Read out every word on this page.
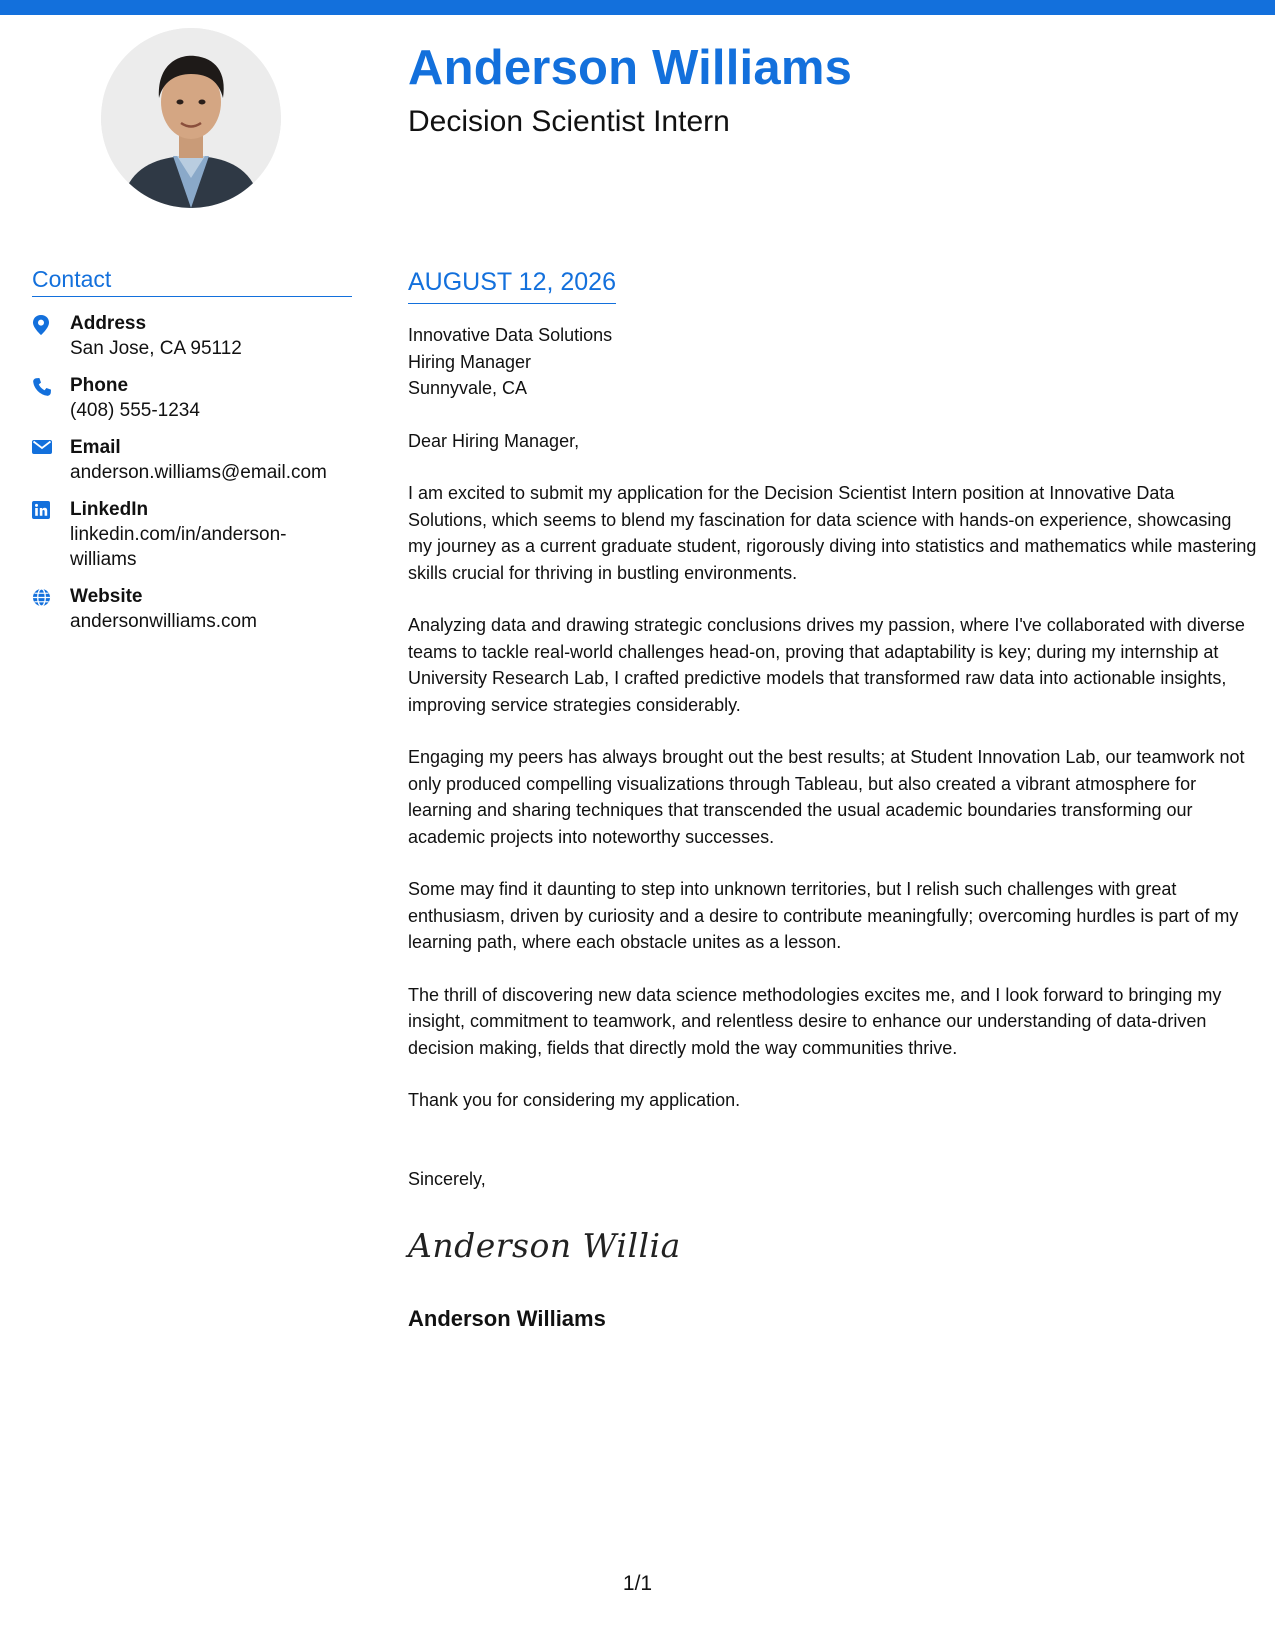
Anderson Williams
Decision Scientist Intern
Contact
Address
San Jose, CA 95112
Phone
(408) 555-1234
Email
anderson.williams@email.com
LinkedIn
linkedin.com/in/anderson-williams
Website
andersonwilliams.com
AUGUST 12, 2026
Innovative Data Solutions
Hiring Manager
Sunnyvale, CA

Dear Hiring Manager,

I am excited to submit my application for the Decision Scientist Intern position at Innovative Data Solutions, which seems to blend my fascination for data science with hands-on experience, showcasing my journey as a current graduate student, rigorously diving into statistics and mathematics while mastering skills crucial for thriving in bustling environments.

Analyzing data and drawing strategic conclusions drives my passion, where I've collaborated with diverse teams to tackle real-world challenges head-on, proving that adaptability is key; during my internship at University Research Lab, I crafted predictive models that transformed raw data into actionable insights, improving service strategies considerably.

Engaging my peers has always brought out the best results; at Student Innovation Lab, our teamwork not only produced compelling visualizations through Tableau, but also created a vibrant atmosphere for learning and sharing techniques that transcended the usual academic boundaries transforming our academic projects into noteworthy successes.

Some may find it daunting to step into unknown territories, but I relish such challenges with great enthusiasm, driven by curiosity and a desire to contribute meaningfully; overcoming hurdles is part of my learning path, where each obstacle unites as a lesson.

The thrill of discovering new data science methodologies excites me, and I look forward to bringing my insight, commitment to teamwork, and relentless desire to enhance our understanding of data-driven decision making, fields that directly mold the way communities thrive.

Thank you for considering my application.

Sincerely,

Anderson Willia

Anderson Williams

1/1
